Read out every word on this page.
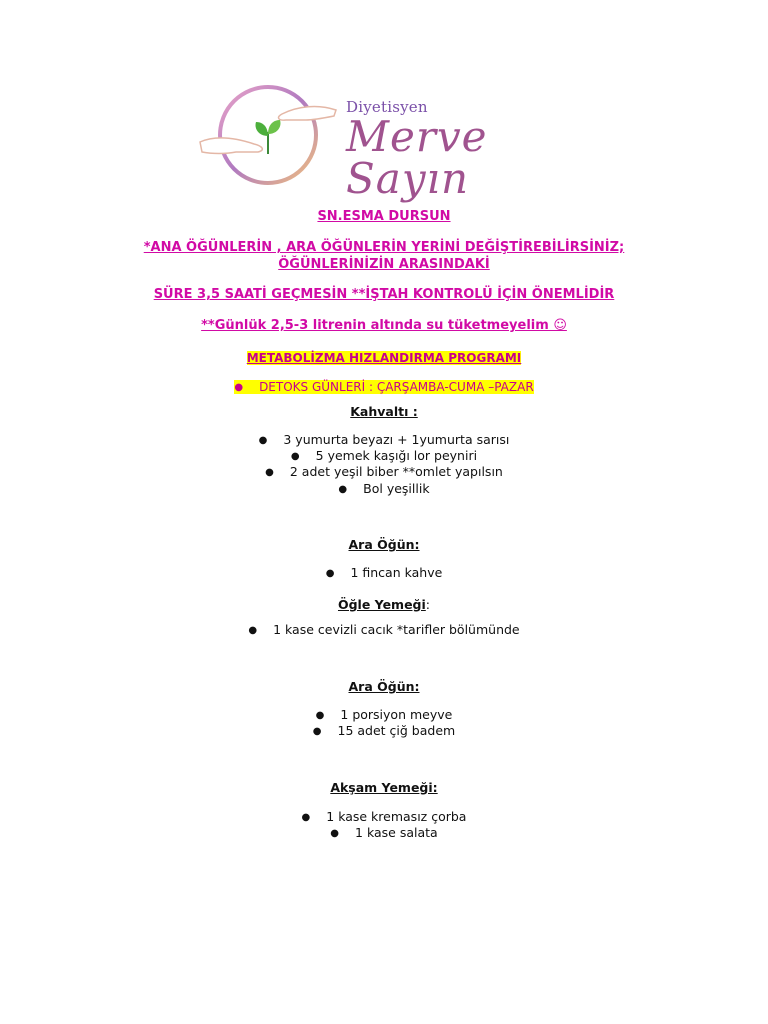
Diyetisyen
Merve Sayın
SN.ESMA DURSUN
*ANA ÖĞÜNLERİN , ARA ÖĞÜNLERİN YERİNİ DEĞİŞTİREBİLİRSİNİZ;
ÖĞÜNLERİNİZİN ARASINDAKİ
SÜRE 3,5 SAATİ GEÇMESİN **İŞTAH KONTROLÜ İÇİN ÖNEMLİDİR
**Günlük 2,5-3 litrenin altında su tüketmeyelim ☺
METABOLİZMA HIZLANDIRMA PROGRAMI
● DETOKS GÜNLERİ : ÇARŞAMBA-CUMA –PAZAR
Kahvaltı :
● 3 yumurta beyazı + 1yumurta sarısı
● 5 yemek kaşığı lor peyniri
● 2 adet yeşil biber **omlet yapılsın
● Bol yeşillik
Ara Öğün:
● 1 fincan kahve
Öğle Yemeği:
● 1 kase cevizli cacık *tarifler bölümünde
Ara Öğün:
● 1 porsiyon meyve
● 15 adet çiğ badem
Akşam Yemeği:
● 1 kase kremasız çorba
● 1 kase salata
